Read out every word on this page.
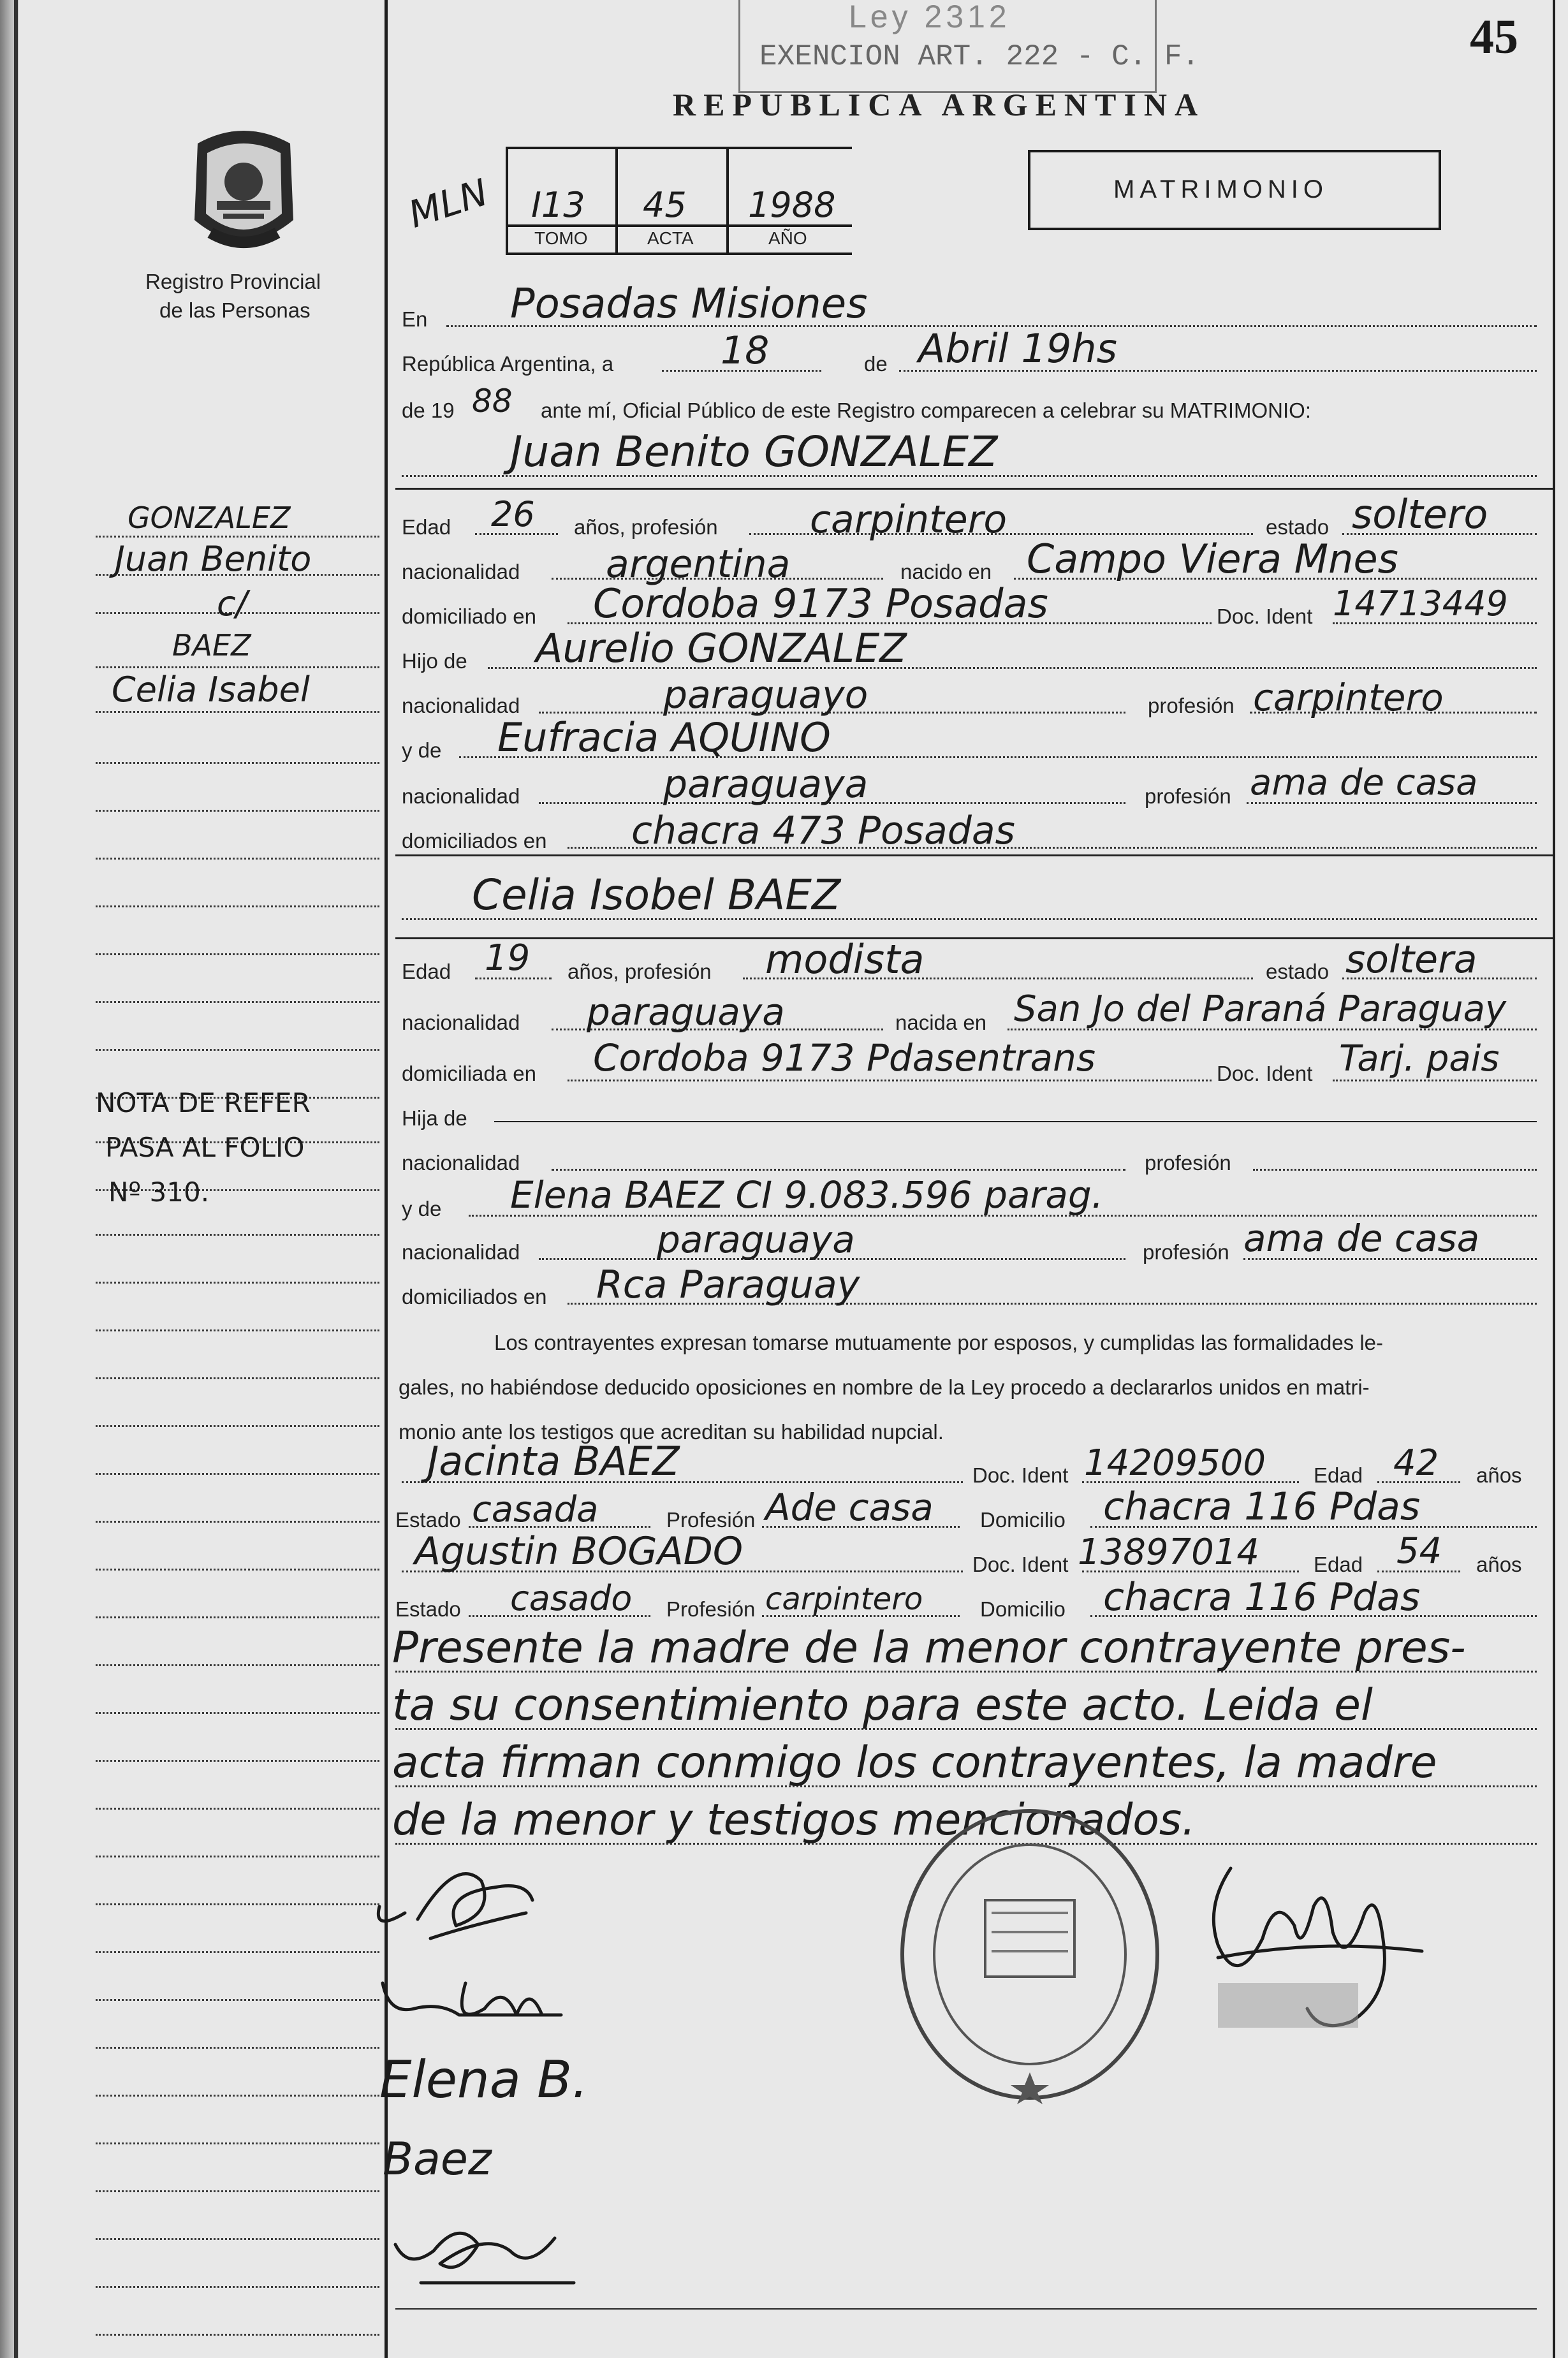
Ley 2312
EXENCION ART. 222 - C. F.	45
REPUBLICA ARGENTINA
Registro Provincial
de las Personas
MLN I13 45 1988
TOMO	ACTA	AÑO
MATRIMONIO
GONZALEZ
Juan Benito
c/
BAEZ
Celia Isabel
NOTA DE REFER
PASA AL FOLIO
Nº 310.
En Posadas Misiones
República Argentina, a	18	de Abril 19hs
de 19 88 ante mí, Oficial Público de este Registro comparecen a celebrar su MATRIMONIO:
Juan Benito GONZALEZ
Edad 26 años, profesión carpintero	estado soltero
nacionalidad argentina	nacido en Campo Viera Mnes
domiciliado en Cordoba 9173 Posadas	Doc. Ident 14713449
Hijo de Aurelio GONZALEZ
nacionalidad	paraguayo	profesión carpintero
y de Eufracia AQUINO
nacionalidad	paraguaya	profesión ama de casa
domiciliados en chacra 473 Posadas
Celia Isobel BAEZ
Edad 19 años, profesión modista	estado soltera
nacionalidad paraguaya	nacida en San Jo del Paraná Paraguay
domiciliada en Cordoba 9173 Pdasentrans	Doc. Ident Tarj. pais
Hija de
nacionalidad	profesión
y de Elena BAEZ CI 9.083.596 parag.
nacionalidad	paraguaya	profesión ama de casa
domiciliados en Rca Paraguay
Los contrayentes expresan tomarse mutuamente por esposos, y cumplidas las formalidades le-
gales, no habiéndose deducido oposiciones en nombre de la Ley procedo a declararlos unidos en matri-
monio ante los testigos que acreditan su habilidad nupcial.
Jacinta BAEZ	Doc. Ident 14209500 Edad 42 años
Estado casada	Profesión Ade casa Domicilio chacra 116 Pdas
Agustin BOGADO	Doc. Ident 13897014	Edad 54 años
Estado casado Profesión carpintero	Domicilio chacra 116 Pdas
Presente la madre de la menor contrayente pres-
ta su consentimiento para este acto. Leida el
acta firman conmigo los contrayentes, la madre
de la menor y testigos mencionados.
Elena B.
Baez
